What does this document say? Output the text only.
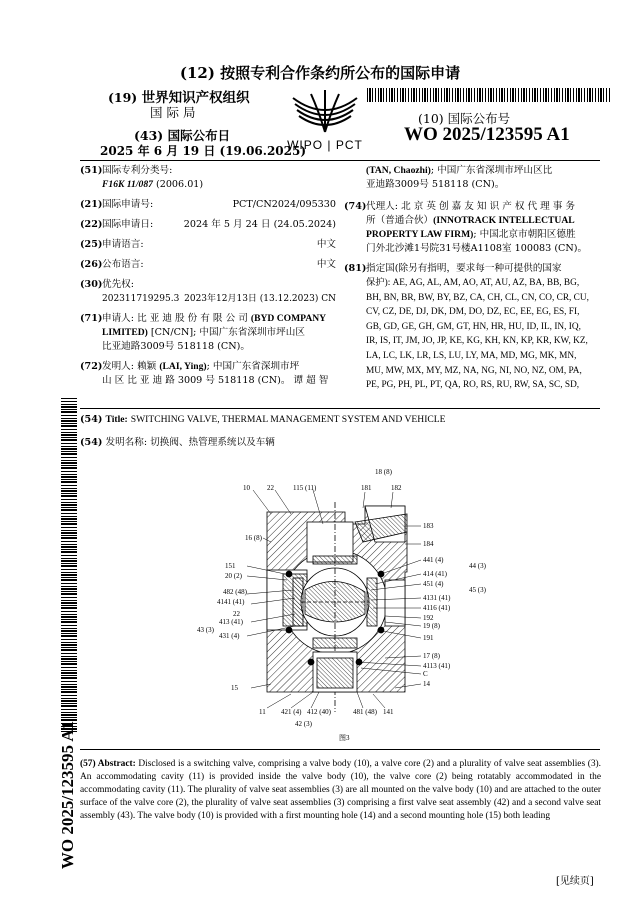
(12) 按照专利合作条约所公布的国际申请
(19) 世界知识产权组织
国 际 局
(43) 国际公布日
2025 年 6 月 19 日 (19.06.2025)
WIPO | PCT
(10) 国际公布号
WO 2025/123595 A1
(51) 国际专利分类号:
F16K 11/087
(2006.01)
(21)国际申请号:	PCT/CN2024/095330
(22)国际申请日:	2024 年 5 月 24 日 (24.05.2024)
(25)申请语言:	中文
(26)公布语言:	中文
(30) 优先权:
202311719295.3 2023年12月13日 (13.12.2023) CN
(71) 申请人: 比 亚 迪 股 份 有 限 公 司 (BYD COMPANY
LIMITED)
[CN/CN]; 中国广东省深圳市坪山区
比亚迪路3009号 518118 (CN)。
(72) 发明人: 赖颖 (LAI, Ying); 中国广东省深圳市坪
山 区 比 亚 迪 路 3009 号 518118 (CN)。 谭 超 智
(TAN, Chaozhi) ; 中国广东省深圳市坪山区比
亚迪路3009号 518118 (CN)。
(74) 代理人: 北 京 英 创 嘉 友 知 识 产 权 代 理 事 务
所（普通合伙） (INNOTRACK INTELLECTUAL
PROPERTY LAW FIRM) ; 中国北京市朝阳区德胜
门外北沙滩1号院31号楼A1108室 100083 (CN)。
(81) 指定国(除另有指明，要求每一种可提供的国家
保护): AE, AG, AL, AM, AO, AT, AU, AZ, BA, BB, BG,
BH, BN, BR, BW, BY, BZ, CA, CH, CL, CN, CO, CR, CU,
CV, CZ, DE, DJ, DK, DM, DO, DZ, EC, EE, EG, ES, FI,
GB, GD, GE, GH, GM, GT, HN, HR, HU, ID, IL, IN, IQ,
IR, IS, IT, JM, JO, JP, KE, KG, KH, KN, KP, KR, KW, KZ,
LA, LC, LK, LR, LS, LU, LY, MA, MD, MG, MK, MN,
MU, MW, MX, MY, MZ, NA, NG, NI, NO, NZ, OM, PA,
PE, PG, PH, PL, PT, QA, RO, RS, RU, RW, SA, SC, SD,
WO 2025/123595 A1
(54) Title: SWITCHING VALVE, THERMAL MANAGEMENT SYSTEM AND VEHICLE
(54) 发明名称: 切换阀、热管理系统以及车辆
10 22	115 (11)
18 (8)
181	182
183
184
16 (8)
151
20 (2)
482 (48)
4141 (41)
22
413 (41)
43 (3)
431 (4)
15
441 (4)
44 (3)
414 (41)
451 (4)
45 (3)
4131 (41)
4116 (41)
192
19 (8)
191
17 (8)
4113 (41)
C
14
11 421 (4) 412 (40)
42 (3)
481 (48) 141
图3
(57) Abstract: Disclosed is a switching valve, comprising a valve body (10), a valve core (2) and a plurality of valve seat assemblies (3). An accommodating cavity (11) is provided inside the valve body (10), the valve core (2) being rotatably accommodated in the accommodating cavity (11). The plurality of valve seat assemblies (3) are all mounted on the valve body (10) and are attached to the outer surface of the valve core (2), the plurality of valve seat assemblies (3) comprising a first valve seat assembly (42) and a second valve seat assembly (43). The valve body (10) is provided with a first mounting hole (14) and a second mounting hole (15) both leading
[见续页]
